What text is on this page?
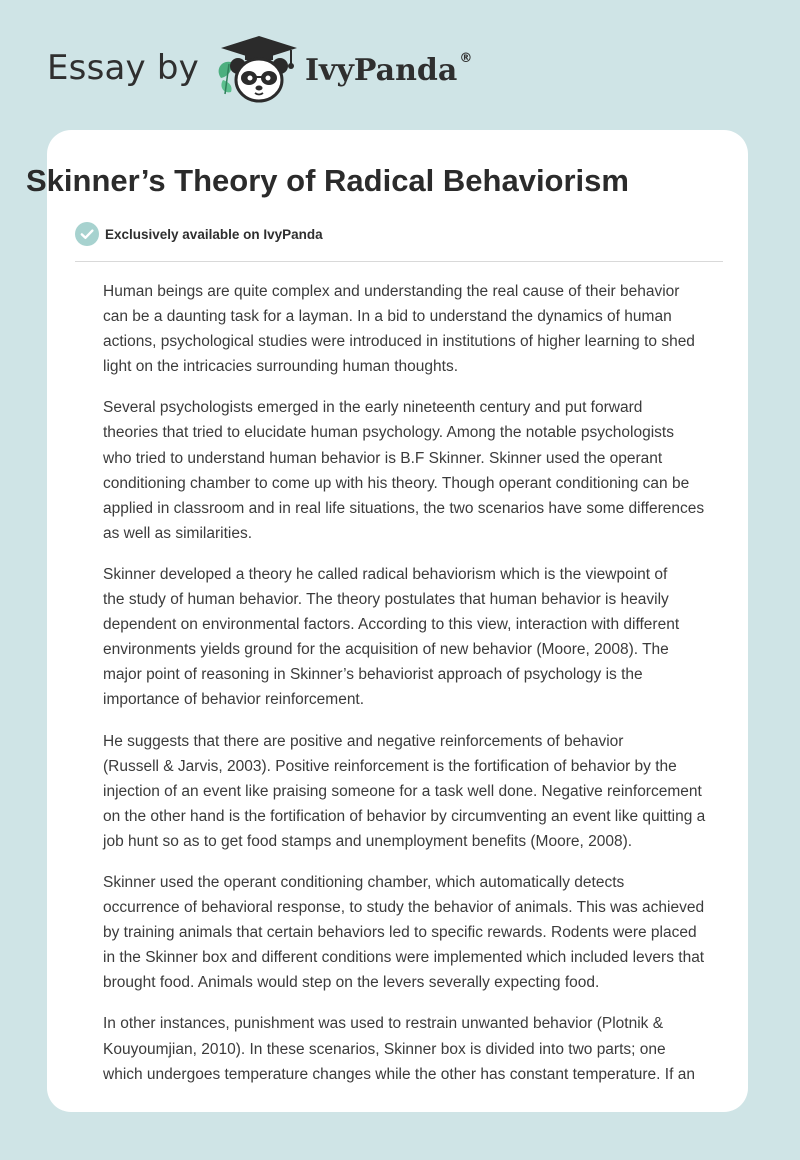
Essay by	IvyPanda ®
Skinner’s Theory of Radical Behaviorism
Exclusively available on IvyPanda

Human beings are quite complex and understanding the real cause of their behavior
can be a daunting task for a layman. In a bid to understand the dynamics of human
actions, psychological studies were introduced in institutions of higher learning to shed
light on the intricacies surrounding human thoughts.

Several psychologists emerged in the early nineteenth century and put forward
theories that tried to elucidate human psychology. Among the notable psychologists
who tried to understand human behavior is B.F Skinner. Skinner used the operant
conditioning chamber to come up with his theory. Though operant conditioning can be
applied in classroom and in real life situations, the two scenarios have some differences
as well as similarities.

Skinner developed a theory he called radical behaviorism which is the viewpoint of
the study of human behavior. The theory postulates that human behavior is heavily
dependent on environmental factors. According to this view, interaction with different
environments yields ground for the acquisition of new behavior (Moore, 2008). The
major point of reasoning in Skinner’s behaviorist approach of psychology is the
importance of behavior reinforcement.

He suggests that there are positive and negative reinforcements of behavior
(Russell & Jarvis, 2003). Positive reinforcement is the fortification of behavior by the
injection of an event like praising someone for a task well done. Negative reinforcement
on the other hand is the fortification of behavior by circumventing an event like quitting a
job hunt so as to get food stamps and unemployment benefits (Moore, 2008).

Skinner used the operant conditioning chamber, which automatically detects
occurrence of behavioral response, to study the behavior of animals. This was achieved
by training animals that certain behaviors led to specific rewards. Rodents were placed
in the Skinner box and different conditions were implemented which included levers that
brought food. Animals would step on the levers severally expecting food.

In other instances, punishment was used to restrain unwanted behavior (Plotnik &
Kouyoumjian, 2010). In these scenarios, Skinner box is divided into two parts; one
which undergoes temperature changes while the other has constant temperature. If an
